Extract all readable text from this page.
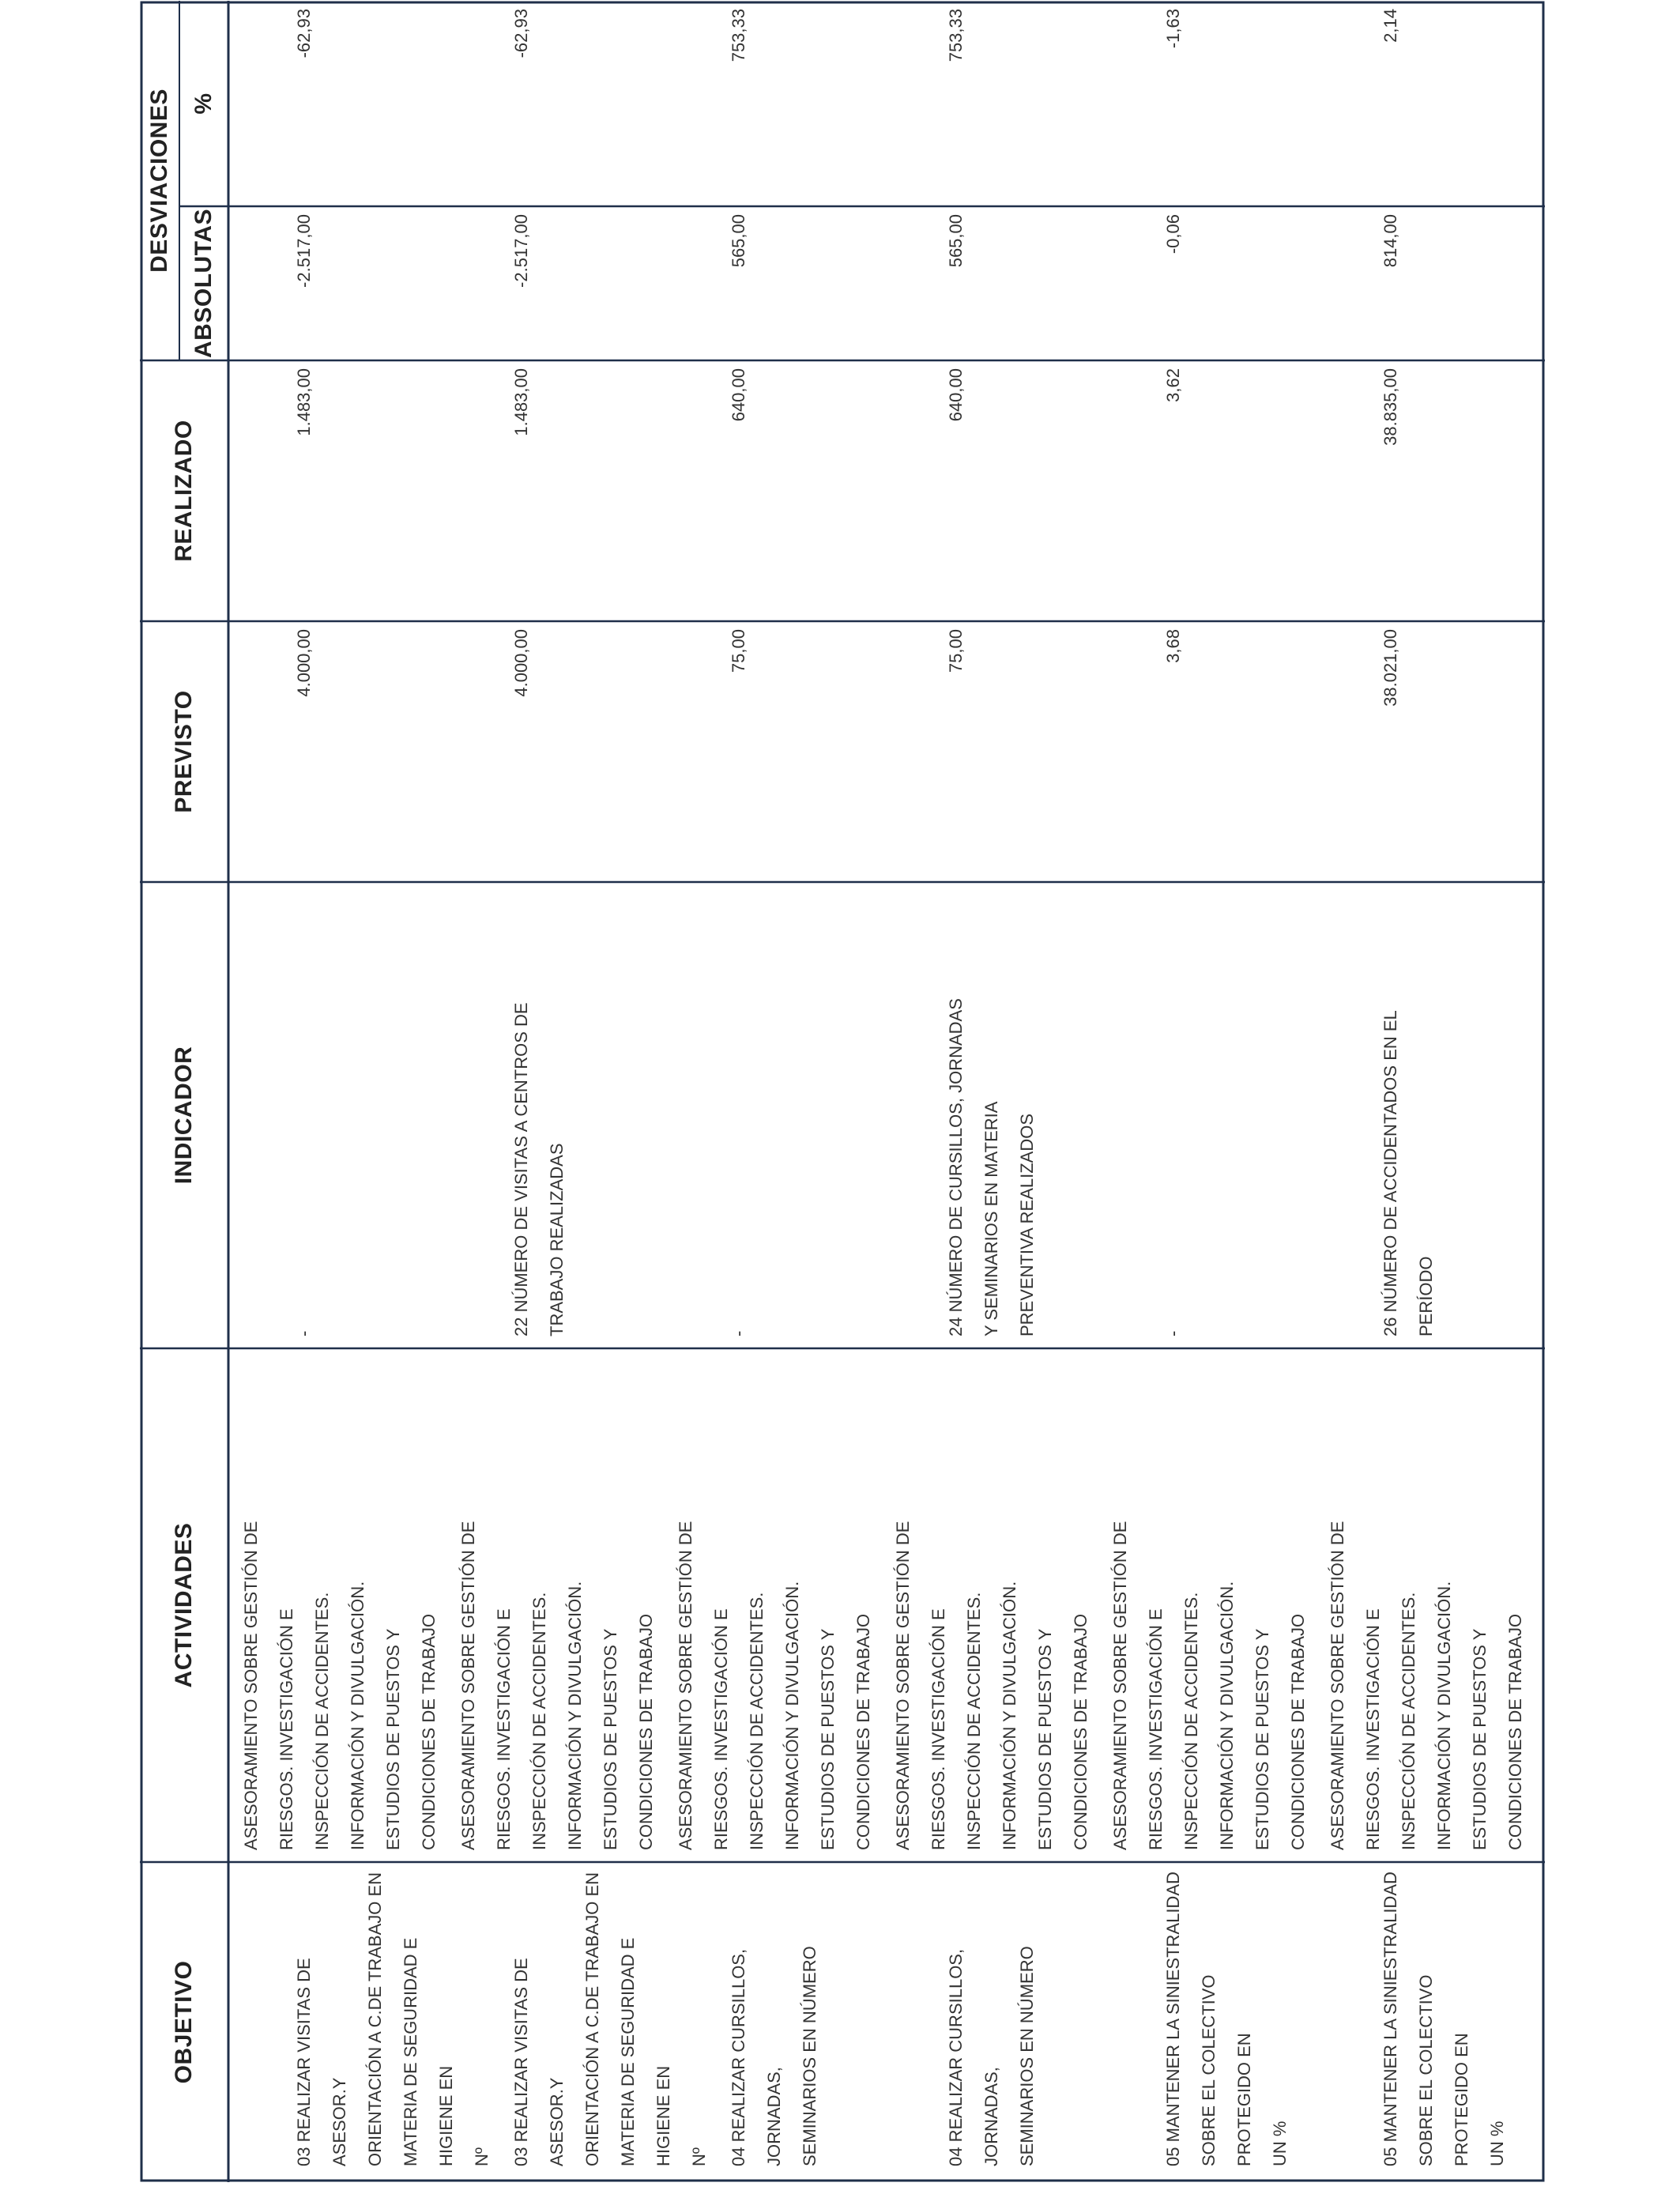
OBJETIVO
ACTIVIDADES
INDICADOR
PREVISTO
REALIZADO
DESVIACIONES
ABSOLUTAS
%
03 REALIZAR VISITAS DE ASESOR.Y
ORIENTACIÓN A C.DE TRABAJO EN
MATERIA DE SEGURIDAD E HIGIENE EN
Nº
ASESORAMIENTO SOBRE GESTIÓN DE
RIESGOS. INVESTIGACIÓN E
INSPECCIÓN DE ACCIDENTES.
INFORMACIÓN Y DIVULGACIÓN.
ESTUDIOS DE PUESTOS Y
CONDICIONES DE TRABAJO
-
4.000,00
1.483,00
-2.517,00
-62,93
03 REALIZAR VISITAS DE ASESOR.Y
ORIENTACIÓN A C.DE TRABAJO EN
MATERIA DE SEGURIDAD E HIGIENE EN
Nº
ASESORAMIENTO SOBRE GESTIÓN DE
RIESGOS. INVESTIGACIÓN E
INSPECCIÓN DE ACCIDENTES.
INFORMACIÓN Y DIVULGACIÓN.
ESTUDIOS DE PUESTOS Y
CONDICIONES DE TRABAJO
22 NÚMERO DE VISITAS A CENTROS DE
TRABAJO REALIZADAS
4.000,00
1.483,00
-2.517,00
-62,93
04 REALIZAR CURSILLOS, JORNADAS,
SEMINARIOS EN NÚMERO
ASESORAMIENTO SOBRE GESTIÓN DE
RIESGOS. INVESTIGACIÓN E
INSPECCIÓN DE ACCIDENTES.
INFORMACIÓN Y DIVULGACIÓN.
ESTUDIOS DE PUESTOS Y
CONDICIONES DE TRABAJO
-
75,00
640,00
565,00
753,33
04 REALIZAR CURSILLOS, JORNADAS,
SEMINARIOS EN NÚMERO
ASESORAMIENTO SOBRE GESTIÓN DE
RIESGOS. INVESTIGACIÓN E
INSPECCIÓN DE ACCIDENTES.
INFORMACIÓN Y DIVULGACIÓN.
ESTUDIOS DE PUESTOS Y
CONDICIONES DE TRABAJO
24 NÚMERO DE CURSILLOS, JORNADAS
Y SEMINARIOS EN MATERIA
PREVENTIVA REALIZADOS
75,00
640,00
565,00
753,33
05 MANTENER LA SINIESTRALIDAD
SOBRE EL COLECTIVO PROTEGIDO EN
UN %
ASESORAMIENTO SOBRE GESTIÓN DE
RIESGOS. INVESTIGACIÓN E
INSPECCIÓN DE ACCIDENTES.
INFORMACIÓN Y DIVULGACIÓN.
ESTUDIOS DE PUESTOS Y
CONDICIONES DE TRABAJO
-
3,68
3,62
-0,06
-1,63
05 MANTENER LA SINIESTRALIDAD
SOBRE EL COLECTIVO PROTEGIDO EN
UN %
ASESORAMIENTO SOBRE GESTIÓN DE
RIESGOS. INVESTIGACIÓN E
INSPECCIÓN DE ACCIDENTES.
INFORMACIÓN Y DIVULGACIÓN.
ESTUDIOS DE PUESTOS Y
CONDICIONES DE TRABAJO
26 NÚMERO DE ACCIDENTADOS EN EL
PERÍODO
38.021,00
38.835,00
814,00
2,14
